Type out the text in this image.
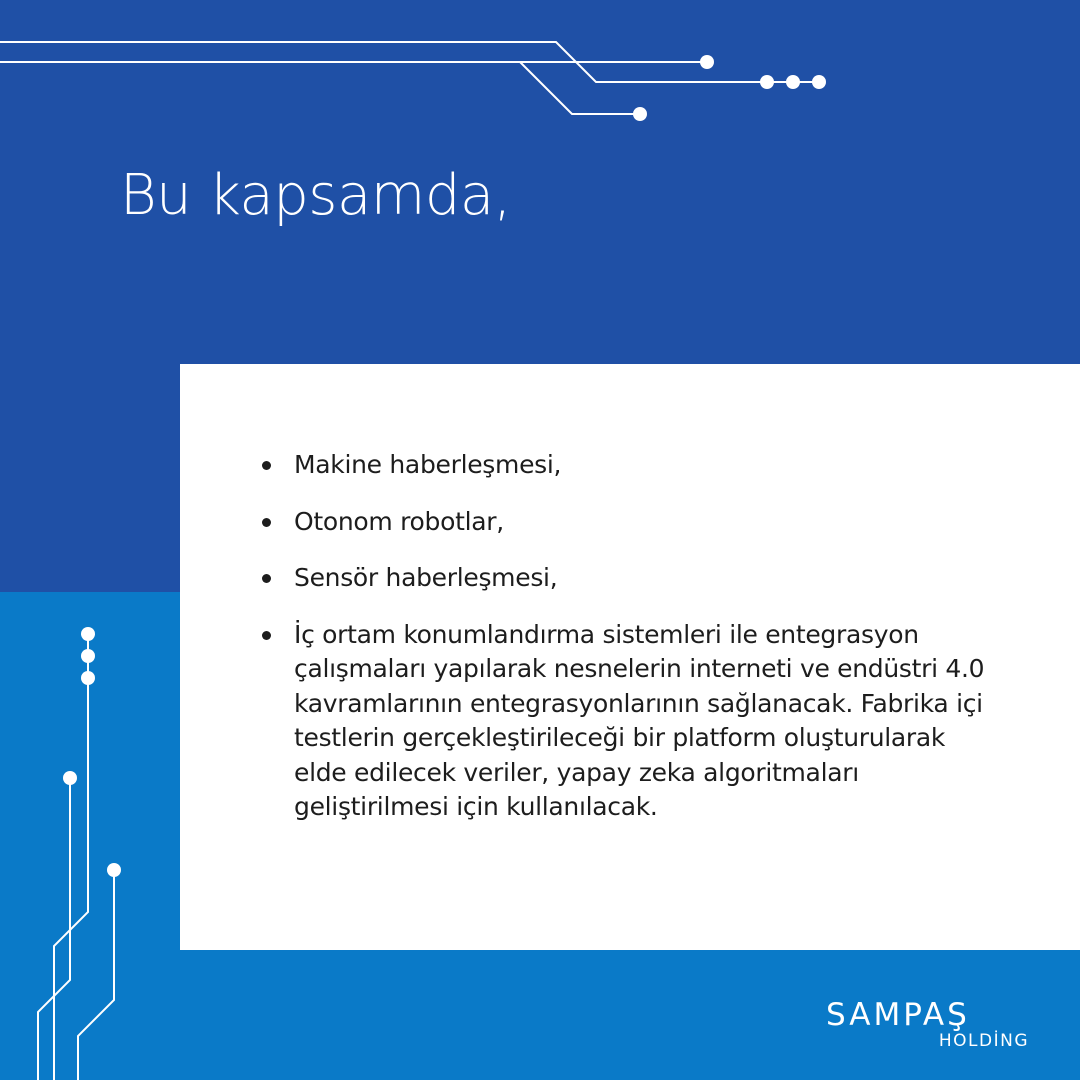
Bu kapsamda,
Makine haberleşmesi,
Otonom robotlar,
Sensör haberleşmesi,
İç ortam konumlandırma sistemleri ile entegrasyon çalışmaları yapılarak nesnelerin interneti ve endüstri 4.0 kavramlarının entegrasyonlarının sağlanacak. Fabrika içi testlerin gerçekleştirileceği bir platform oluşturularak elde edilecek veriler, yapay zeka algoritmaları geliştirilmesi için kullanılacak.
SAMPAŞ
HOLDİNG
